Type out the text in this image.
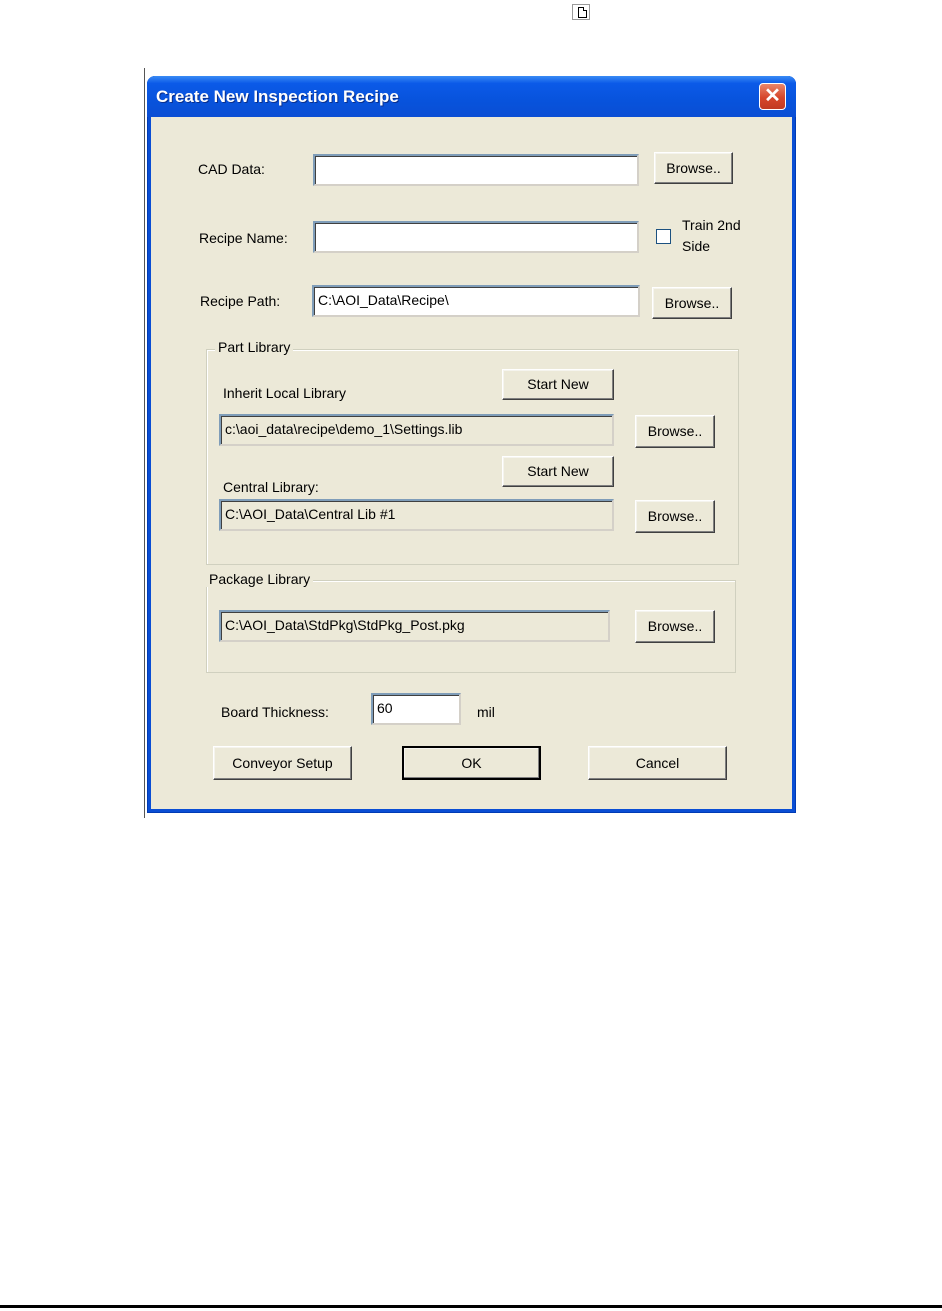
Create New Inspection Recipe	✕
CAD Data:	Browse..
Recipe Name:
Train 2nd
Side
Recipe Path:	C:\AOI_Data\Recipe\	Browse..
Part Library
Inherit Local Library
Start New
c:\aoi_data\recipe\demo_1\Settings.lib	Browse..
Central Library:
Start New
C:\AOI_Data\Central Lib #1	Browse..
Package Library
C:\AOI_Data\StdPkg\StdPkg_Post.pkg	Browse..
Board Thickness:	60	mil
Conveyor Setup	OK	Cancel
